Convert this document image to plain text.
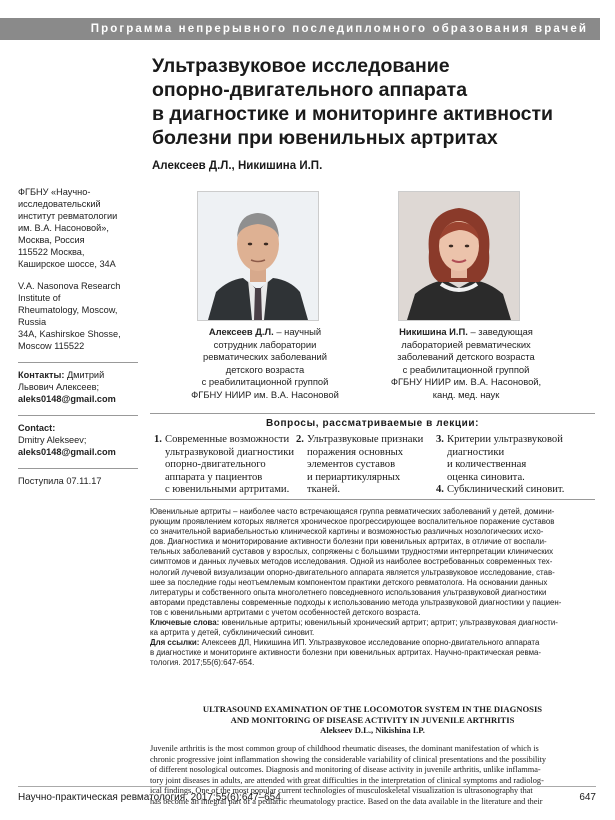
Программа непрерывного последипломного образования врачей
Ультразвуковое исследование
опорно-двигательного аппарата
в диагностике и мониторинге активности
болезни при ювенильных артритах
Алексеев Д.Л., Никишина И.П.
ФГБНУ «Научно-
исследовательский
институт ревматологии
им. В.А. Насоновой»,
Москва, Россия
115522 Москва,
Каширское шоссе, 34А
V.A. Nasonova Research
Institute of
Rheumatology, Moscow,
Russia
34A, Kashirskoe Shosse,
Moscow 115522
Контакты: Дмитрий
Львович Алексеев;
aleks0148@gmail.com
Contact:
Dmitry Alekseev;
aleks0148@gmail.com
Поступила 07.11.17
Алексеев Д.Л. – научный
сотрудник лаборатории
ревматических заболеваний
детского возраста
с реабилитационной группой
ФГБНУ НИИР им. В.А. Насоновой
Никишина И.П. – заведующая
лабораторией ревматических
заболеваний детского возраста
с реабилитационной группой
ФГБНУ НИИР им. В.А. Насоновой,
канд. мед. наук
Вопросы, рассматриваемые в лекции:
1. Современные возможности
ультразвуковой диагностики
опорно-двигательного
аппарата у пациентов
с ювенильными артритами.
2. Ультразвуковые признаки
поражения основных
элементов суставов
и периартикулярных
тканей.
3. Критерии ультразвуковой
диагностики
и количественная
оценка синовита.
4. Субклинический синовит.
Ювенильные артриты – наиболее часто встречающаяся группа ревматических заболеваний у детей, домини-
рующим проявлением которых является хроническое прогрессирующее воспалительное поражение суставов
со значительной вариабельностью клинической картины и возможностью различных нозологических исхо-
дов. Диагностика и мониторирование активности болезни при ювенильных артритах, в отличие от воспали-
тельных заболеваний суставов у взрослых, сопряжены с большими трудностями интерпретации клинических
симптомов и данных лучевых методов исследования. Одной из наиболее востребованных современных тех-
нологий лучевой визуализации опорно-двигательного аппарата является ультразвуковое исследование, став-
шее за последние годы неотъемлемым компонентом практики детского ревматолога. На основании данных
литературы и собственного опыта многолетнего повседневного использования ультразвуковой диагностики
авторами представлены современные подходы к использованию метода ультразвуковой диагностики у пациен-
тов с ювенильными артритами с учетом особенностей детского возраста.
Ключевые слова: ювенильные артриты; ювенильный хронический артрит; артрит; ультразвуковая диагности-
ка артрита у детей, субклинический синовит.
Для ссылки: Алексеев ДЛ, Никишина ИП. Ультразвуковое исследование опорно-двигательного аппарата
в диагностике и мониторинге активности болезни при ювенильных артритах. Научно-практическая ревма-
тология. 2017;55(6):647-654.
ULTRASOUND EXAMINATION OF THE LOCOMOTOR SYSTEM IN THE DIAGNOSIS
AND MONITORING OF DISEASE ACTIVITY IN JUVENILE ARTHRITIS
Alekseev D.L., Nikishina I.P.
Juvenile arthritis is the most common group of childhood rheumatic diseases, the dominant manifestation of which is
chronic progressive joint inflammation showing the considerable variability of clinical presentations and the possibility
of different nosological outcomes. Diagnosis and monitoring of disease activity in juvenile arthritis, unlike inflamma-
tory joint diseases in adults, are attended with great difficulties in the interpretation of clinical symptoms and radiolog-
ical findings. One of the most popular current technologies of musculoskeletal visualization is ultrasonography that
has become an integral part of a pediatric rheumatology practice. Based on the data available in the literature and their
Научно-практическая ревматология. 2017;55(6):647–654	647
